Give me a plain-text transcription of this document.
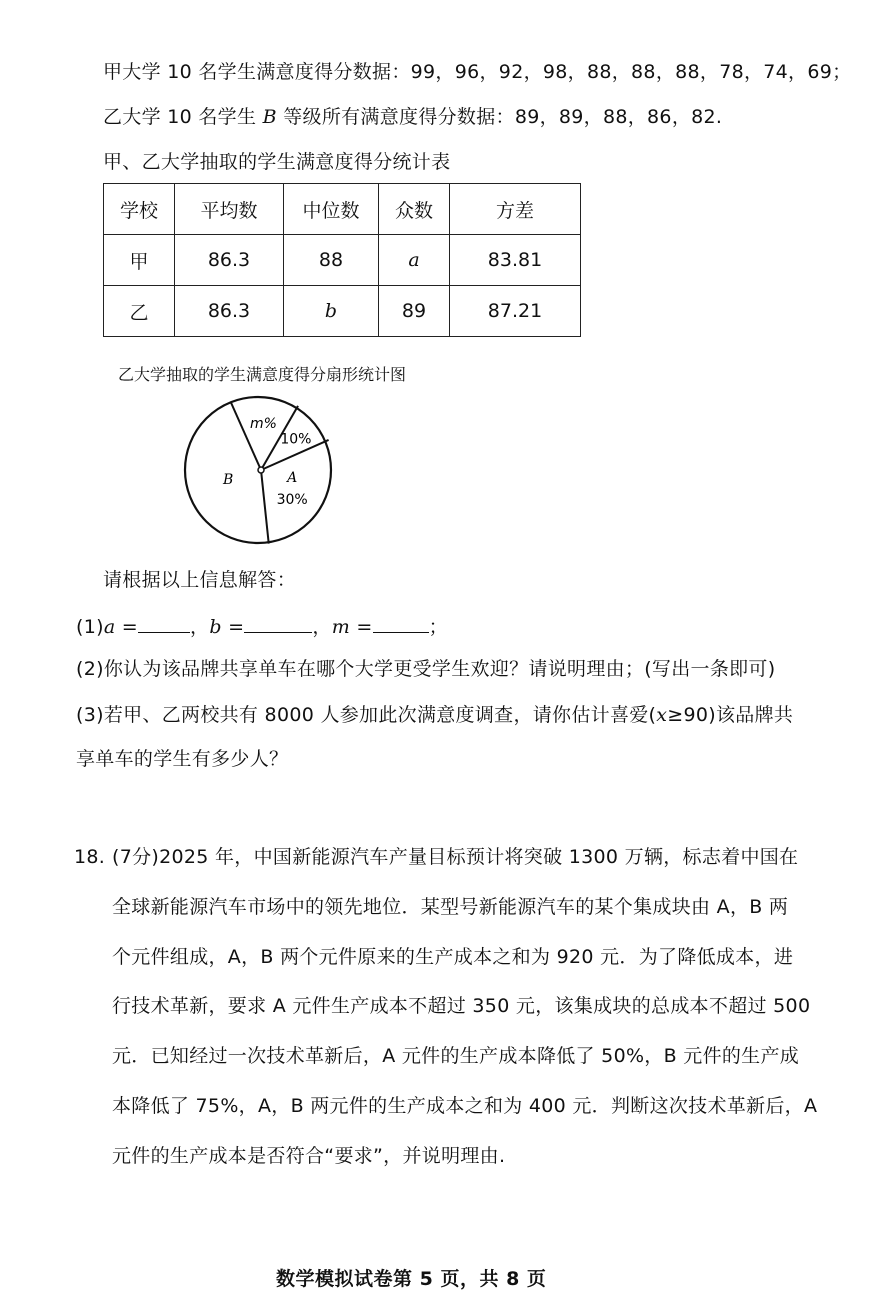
甲大学 10 名学生满意度得分数据：99，96，92，98，88，88，88，78，74，69；
乙大学 10 名学生 B 等级所有满意度得分数据：89，89，88，86，82.
甲、乙大学抽取的学生满意度得分统计表
学校	平均数	中位数	众数	方差
甲	86.3	88	a	83.81
乙	86.3	b	89	87.21
乙大学抽取的学生满意度得分扇形统计图
A
30%
10%
m%
B
请根据以上信息解答：
(1)a =	，b =	，m =	；
(2)你认为该品牌共享单车在哪个大学更受学生欢迎？请说明理由；(写出一条即可)
(3)若甲、乙两校共有 8000 人参加此次满意度调查，请你估计喜爱(x≥90)该品牌共
享单车的学生有多少人？
18. (7分)2025 年，中国新能源汽车产量目标预计将突破 1300 万辆，标志着中国在
全球新能源汽车市场中的领先地位．某型号新能源汽车的某个集成块由 A，B 两
个元件组成，A，B 两个元件原来的生产成本之和为 920 元．为了降低成本，进
行技术革新，要求 A 元件生产成本不超过 350 元，该集成块的总成本不超过 500
元．已知经过一次技术革新后，A 元件的生产成本降低了 50%，B 元件的生产成
本降低了 75%，A，B 两元件的生产成本之和为 400 元．判断这次技术革新后，A
元件的生产成本是否符合“要求”，并说明理由.
数学模拟试卷第 5 页，共 8 页
